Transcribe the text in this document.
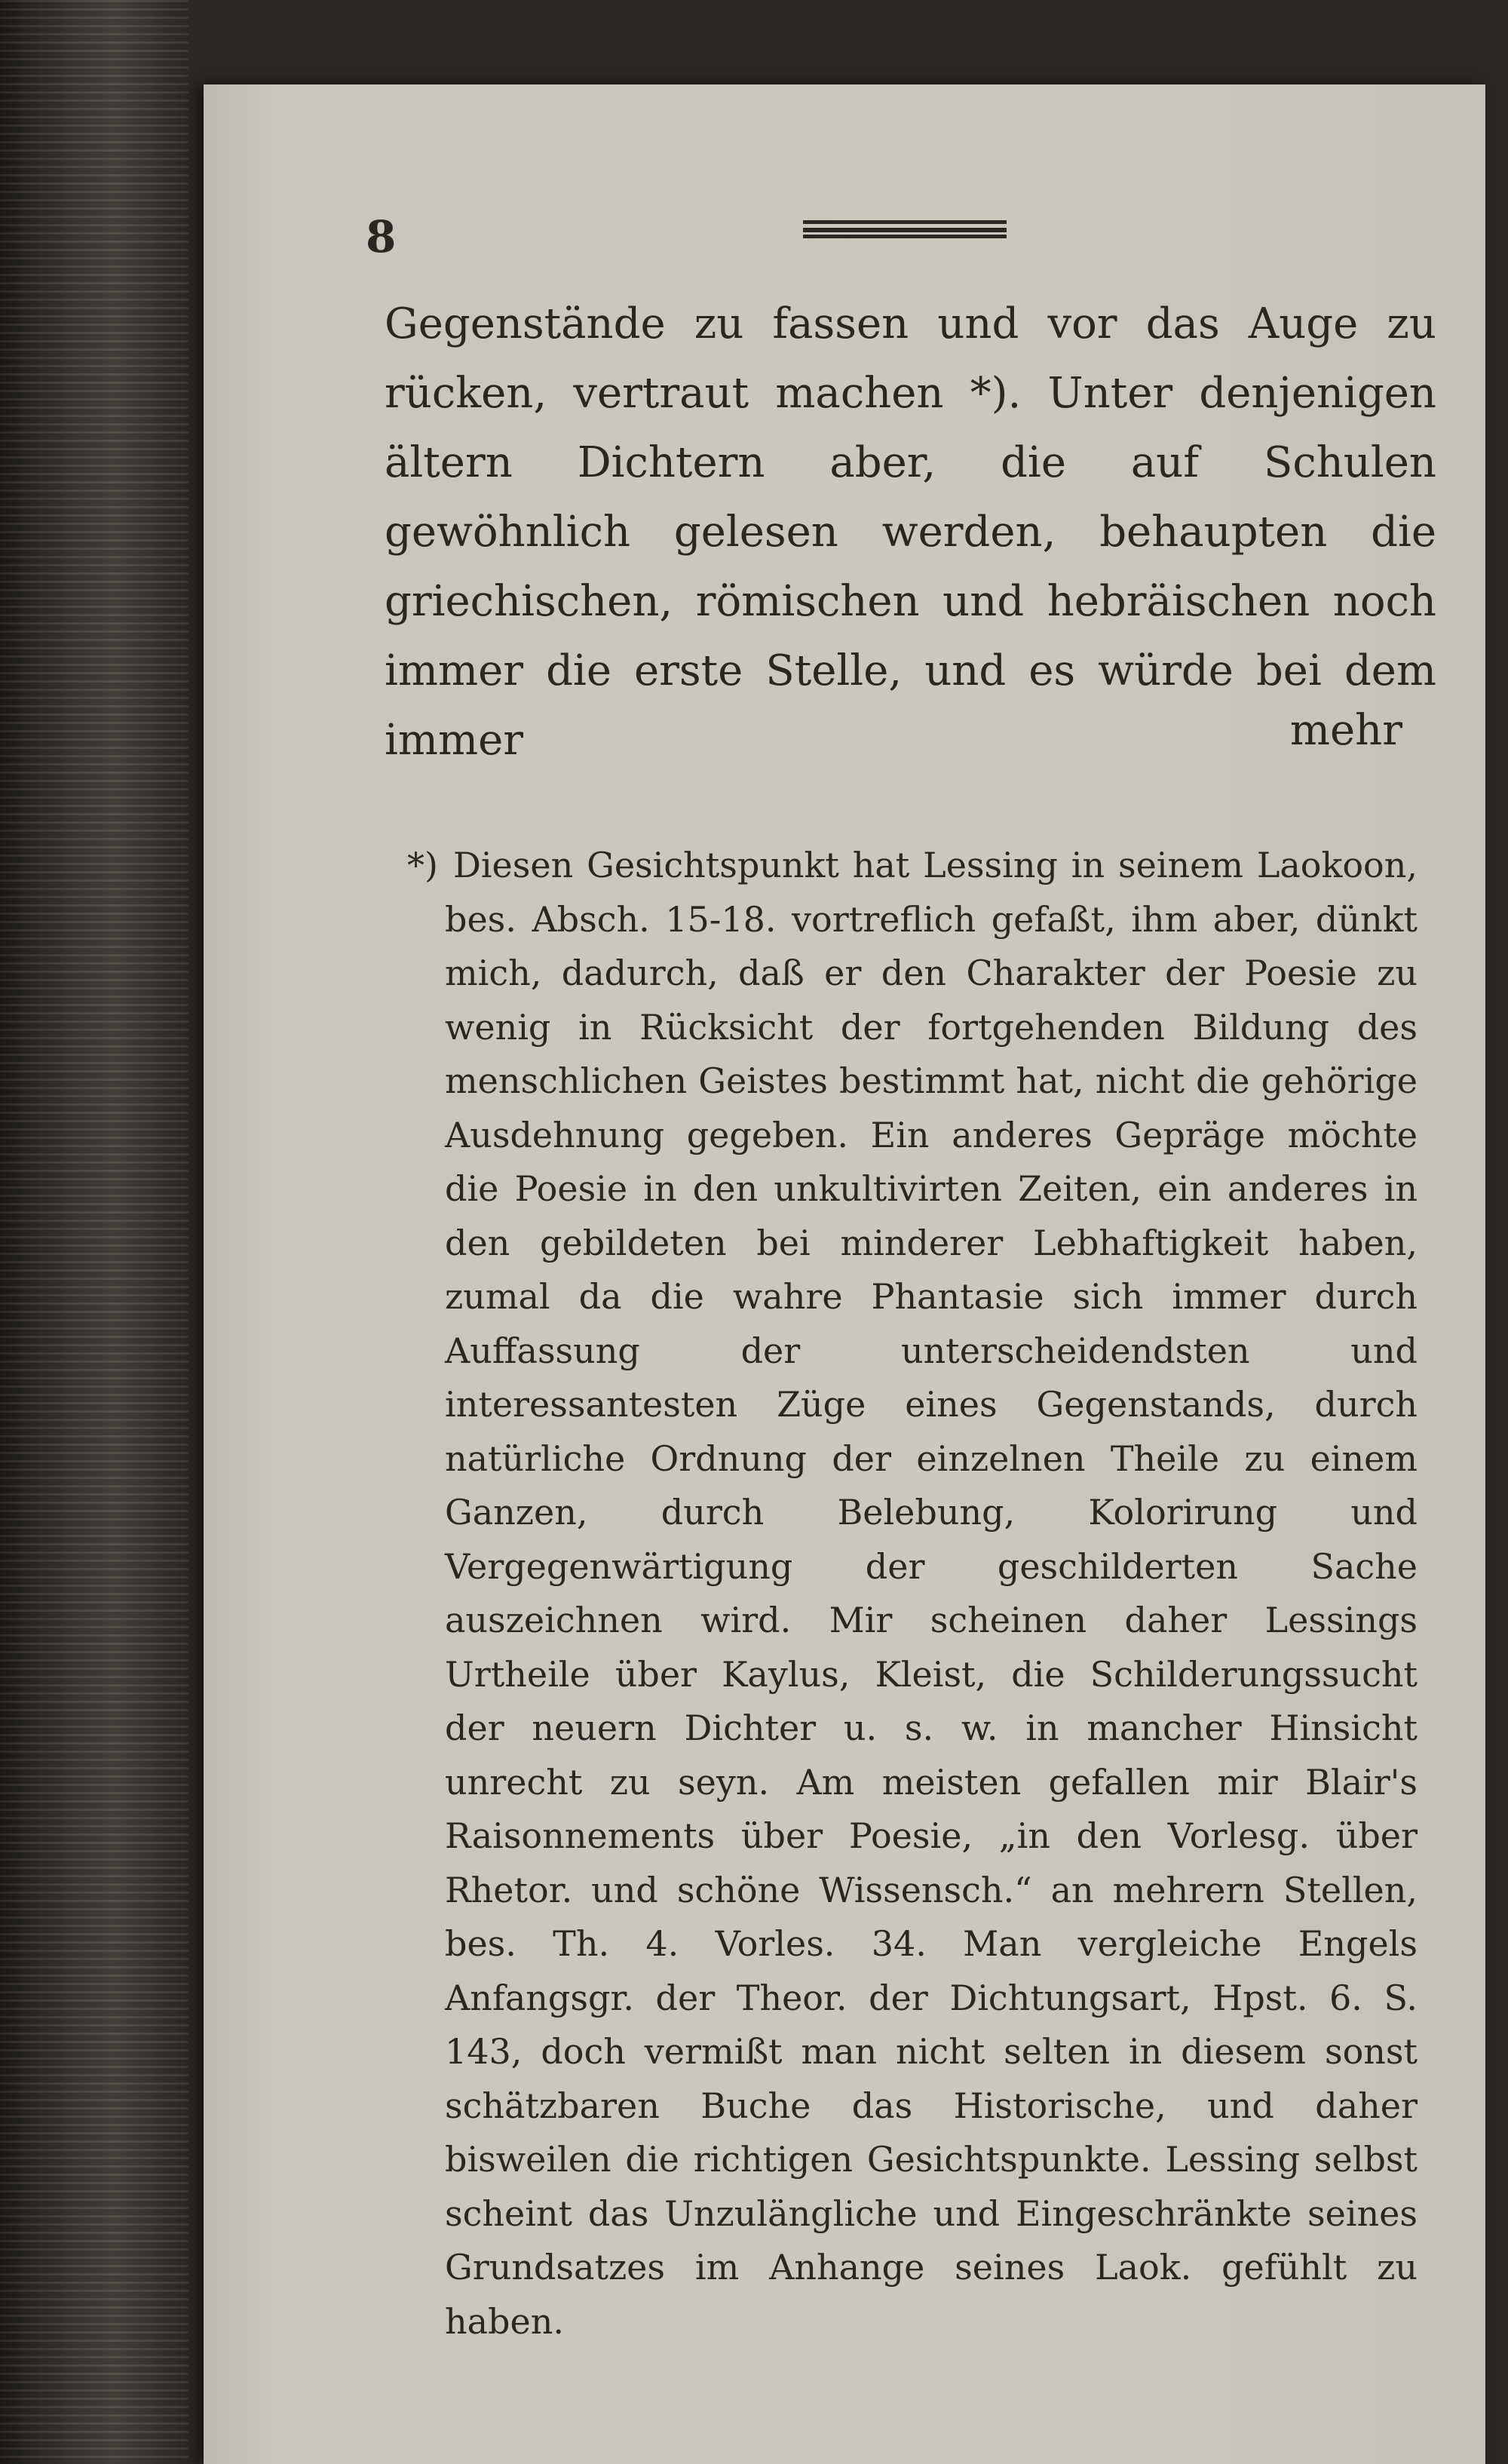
8

Gegenstände zu fassen und vor das Auge zu rücken, vertraut machen *). Unter denjenigen ältern Dichtern aber, die auf Schulen gewöhnlich gelesen werden, behaupten die griechischen, römischen und hebräischen noch immer die erste Stelle, und es würde bei dem immer	mehr

*) Diesen Gesichtspunkt hat Lessing in seinem Laokoon, bes. Absch. 15-18. vortreflich gefaßt, ihm aber, dünkt mich, dadurch, daß er den Charakter der Poesie zu wenig in Rücksicht der fortgehenden Bildung des menschlichen Geistes bestimmt hat, nicht die gehörige Ausdehnung gegeben. Ein anderes Gepräge möchte die Poesie in den unkultivirten Zeiten, ein anderes in den gebildeten bei minderer Lebhaftigkeit haben, zumal da die wahre Phantasie sich immer durch Auffassung der unterscheidendsten und interessantesten Züge eines Gegenstands, durch natürliche Ordnung der einzelnen Theile zu einem Ganzen, durch Belebung, Kolorirung und Vergegenwärtigung der geschilderten Sache auszeichnen wird. Mir scheinen daher Lessings Urtheile über Kaylus, Kleist, die Schilderungssucht der neuern Dichter u. s. w. in mancher Hinsicht unrecht zu seyn. Am meisten gefallen mir Blair's Raisonnements über Poesie, „in den Vorlesg. über Rhetor. und schöne Wissensch.“ an mehrern Stellen, bes. Th. 4. Vorles. 34. Man vergleiche Engels Anfangsgr. der Theor. der Dichtungsart, Hpst. 6. S. 143, doch vermißt man nicht selten in diesem sonst schätzbaren Buche das Historische, und daher bisweilen die richtigen Gesichtspunkte. Lessing selbst scheint das Unzulängliche und Eingeschränkte seines Grundsatzes im Anhange seines Laok. gefühlt zu haben.
